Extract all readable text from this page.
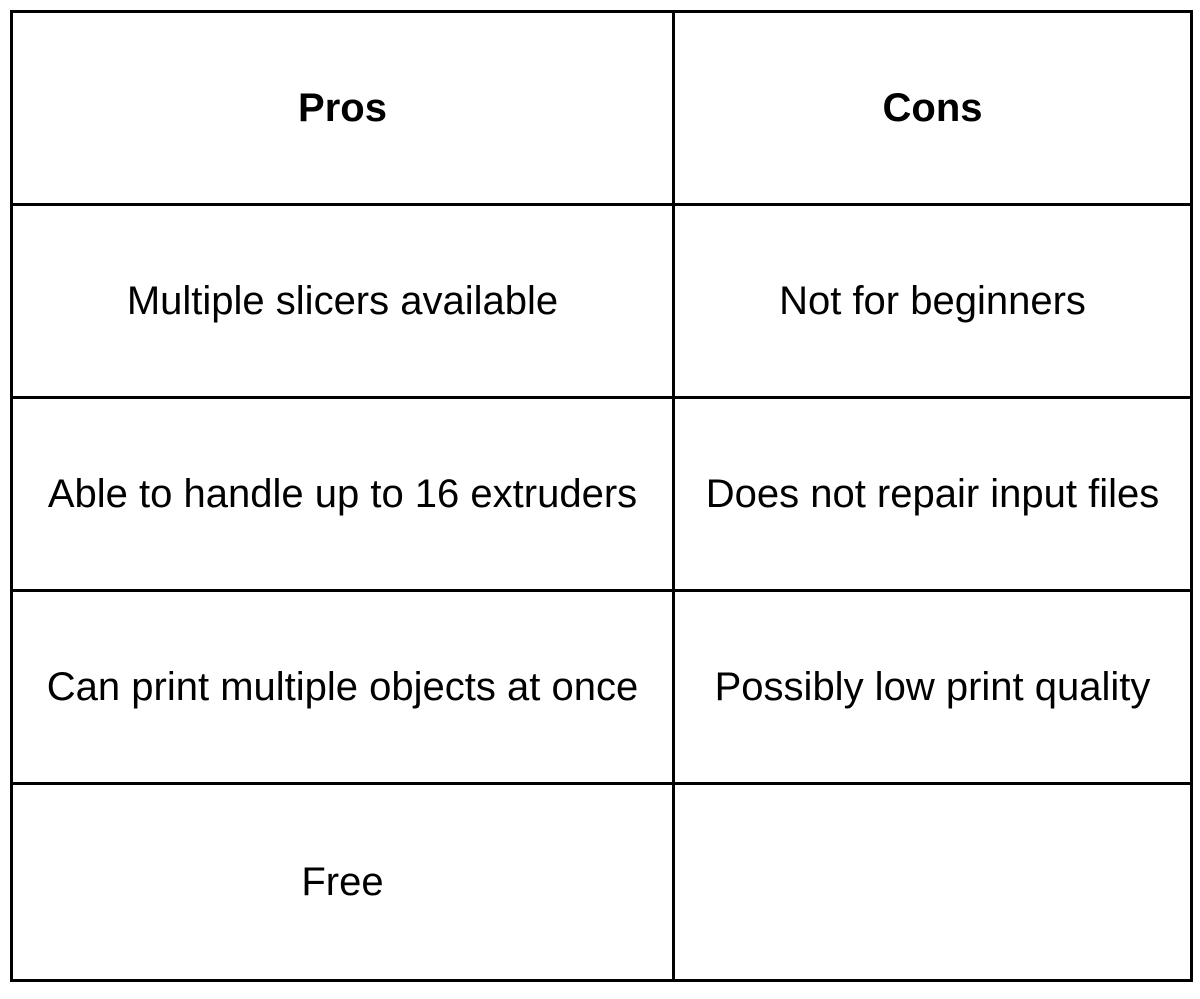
Pros	Cons
Multiple slicers available	Not for beginners
Able to handle up to 16 extruders	Does not repair input files
Can print multiple objects at once	Possibly low print quality
Free	
